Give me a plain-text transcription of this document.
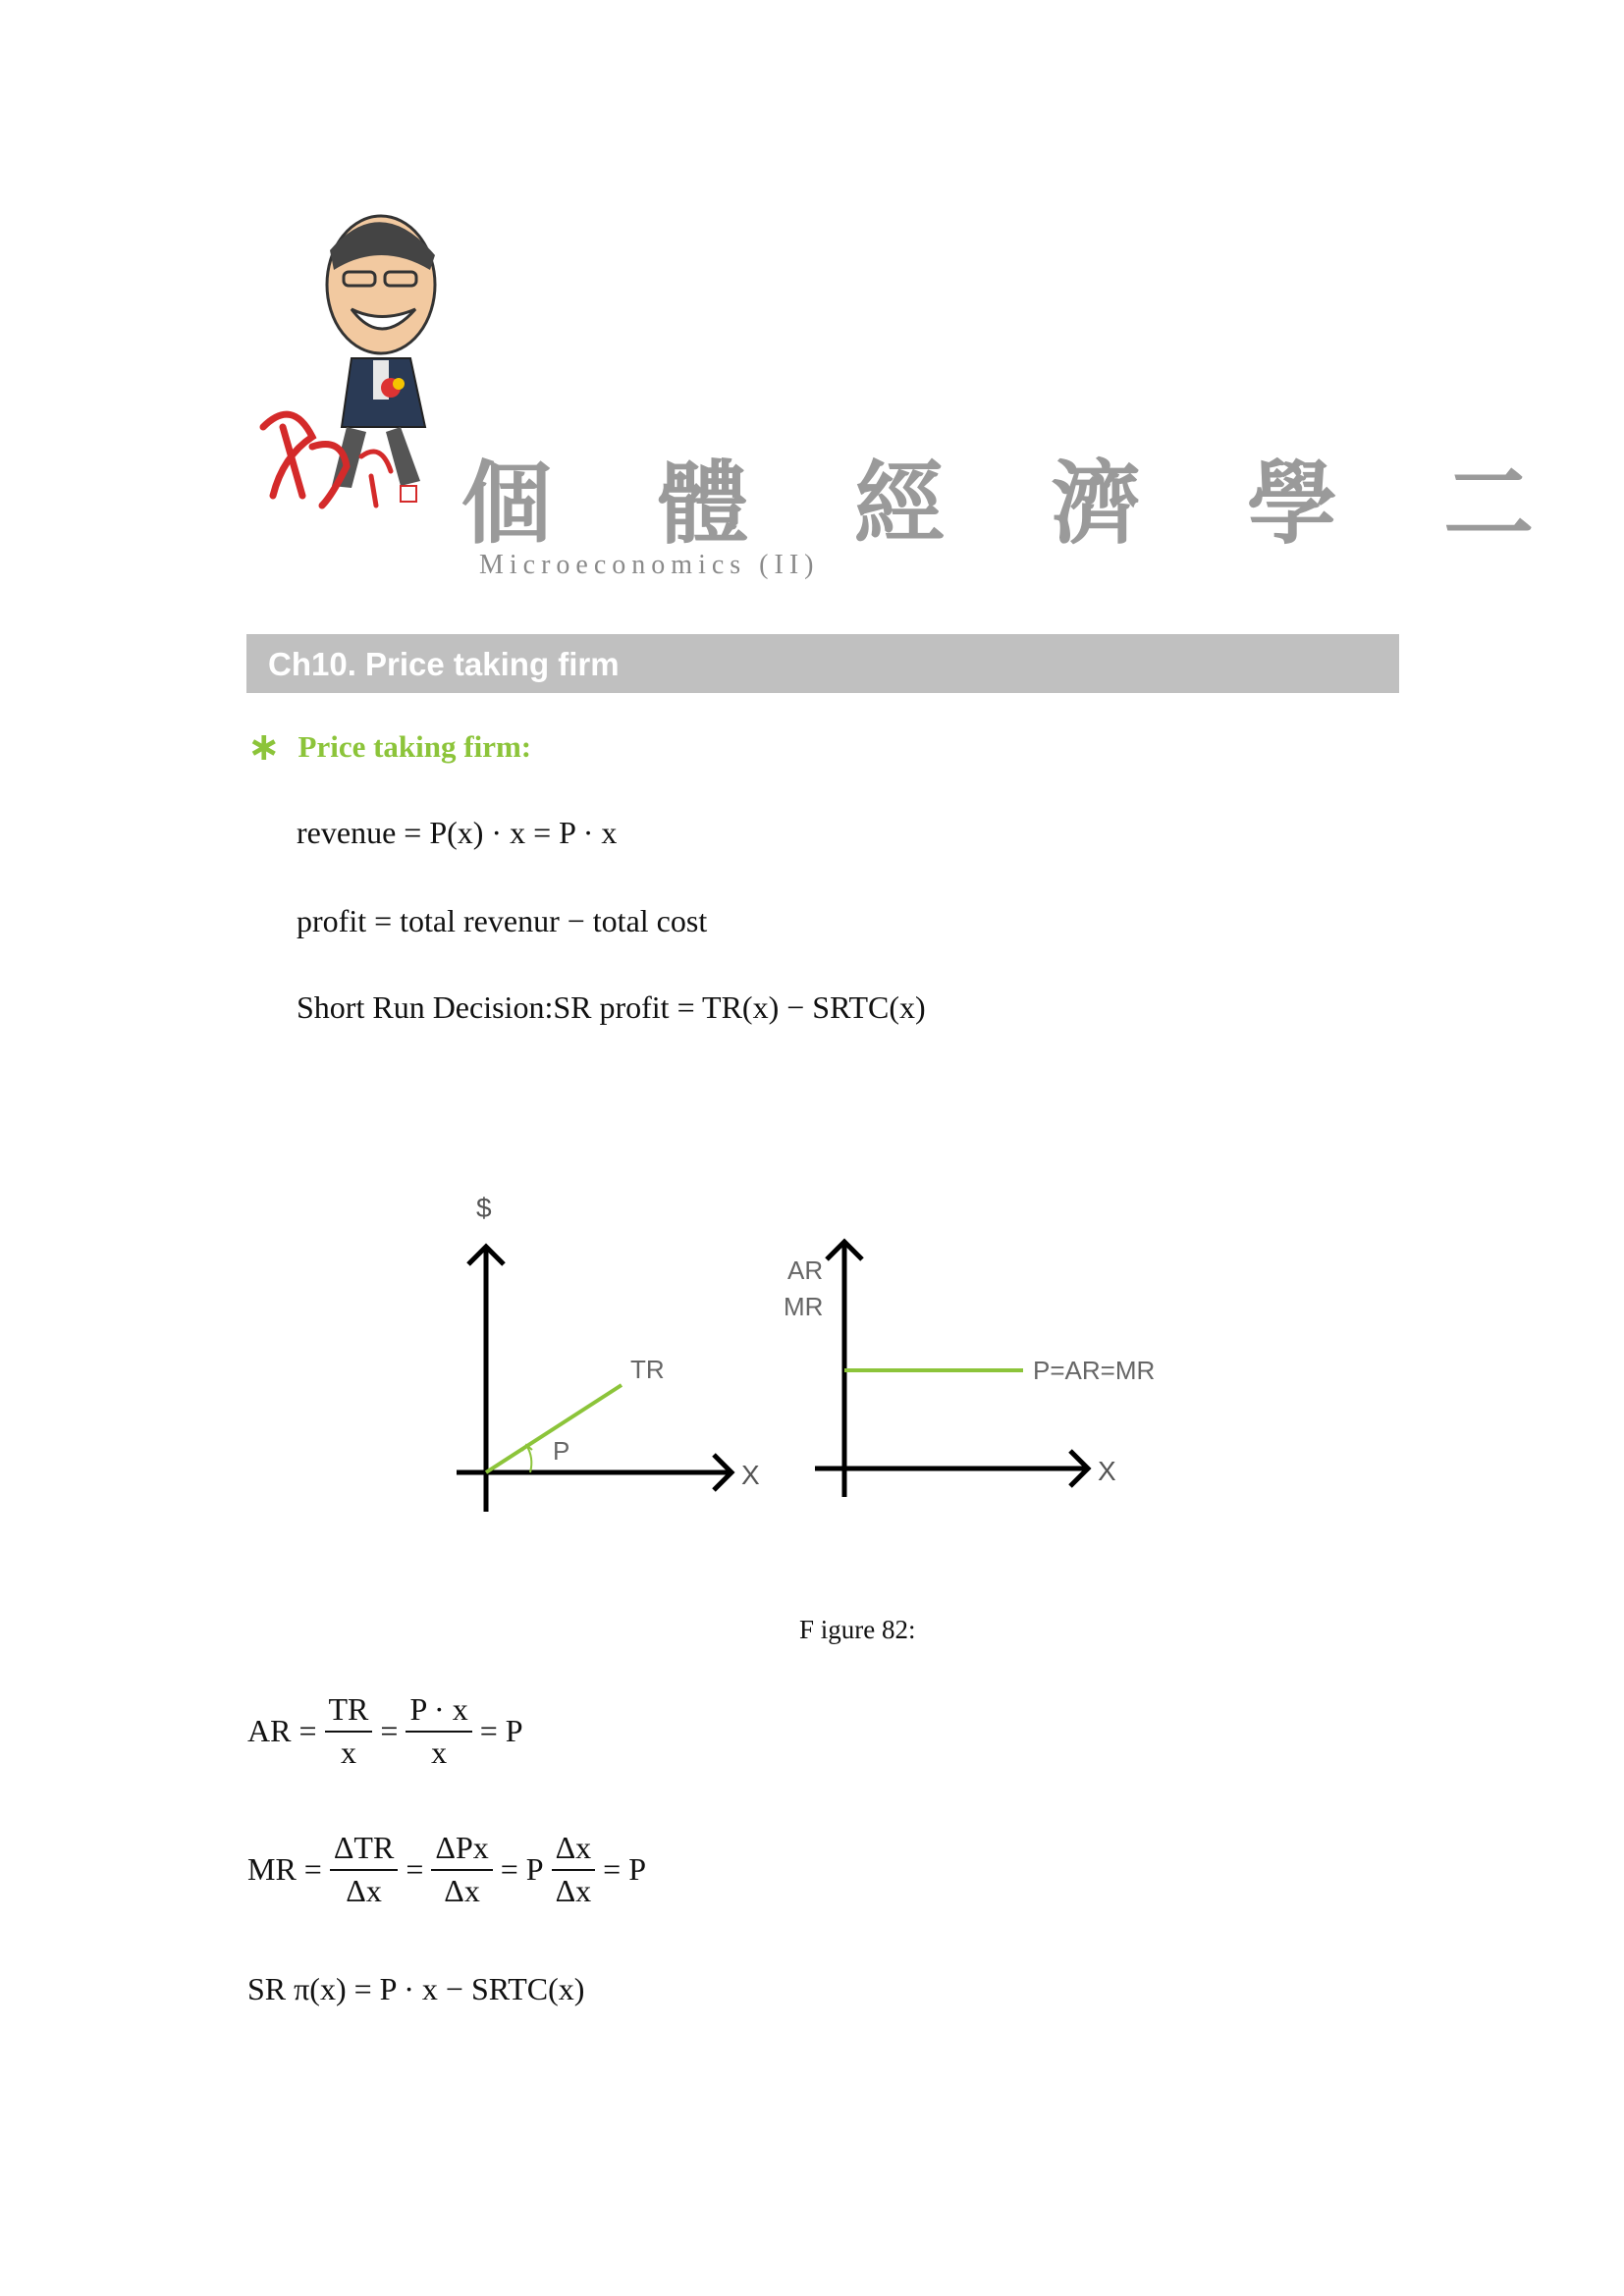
個 體 經 濟 學 二
Microeconomics (II)
Ch10. Price taking firm
∗ Price taking firm:
revenue = P(x) · x = P · x
profit = total revenur − total cost
Short Run Decision:SR profit = TR(x) − SRTC(x)
$
X
TR
P
AR
MR
X
P=AR=MR
F igure 82:
AR = $\frac{TR}{x} = \frac{P \cdot x}{x} = P$
MR = $\frac{\text{ΔTR}}{\Delta x} = \frac{\text{ΔPx}}{\Delta x} = P \frac{\Delta x}{\Delta x} = P$
SR π(x) = P · x − SRTC(x)
